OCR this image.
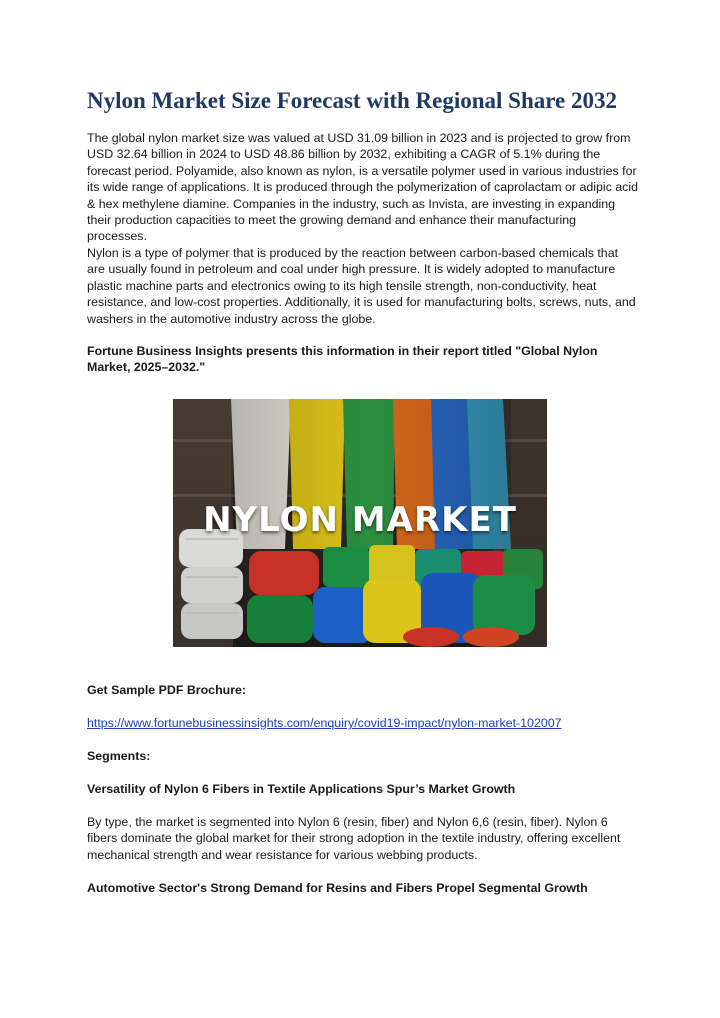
Nylon Market Size Forecast with Regional Share 2032

The global nylon market size was valued at USD 31.09 billion in 2023 and is projected to grow from USD 32.64 billion in 2024 to USD 48.86 billion by 2032, exhibiting a CAGR of 5.1% during the forecast period. Polyamide, also known as nylon, is a versatile polymer used in various industries for its wide range of applications. It is produced through the polymerization of caprolactam or adipic acid & hex methylene diamine. Companies in the industry, such as Invista, are investing in expanding their production capacities to meet the growing demand and enhance their manufacturing processes.

Nylon is a type of polymer that is produced by the reaction between carbon-based chemicals that are usually found in petroleum and coal under high pressure. It is widely adopted to manufacture plastic machine parts and electronics owing to its high tensile strength, non-conductivity, heat resistance, and low-cost properties. Additionally, it is used for manufacturing bolts, screws, nuts, and washers in the automotive industry across the globe.

Fortune Business Insights presents this information in their report titled "Global Nylon Market, 2025–2032."

NYLON MARKET

Get Sample PDF Brochure:

https://www.fortunebusinessinsights.com/enquiry/covid19-impact/nylon-market-102007

Segments:

Versatility of Nylon 6 Fibers in Textile Applications Spur’s Market Growth

By type, the market is segmented into Nylon 6 (resin, fiber) and Nylon 6,6 (resin, fiber). Nylon 6 fibers dominate the global market for their strong adoption in the textile industry, offering excellent mechanical strength and wear resistance for various webbing products.

Automotive Sector's Strong Demand for Resins and Fibers Propel Segmental Growth
